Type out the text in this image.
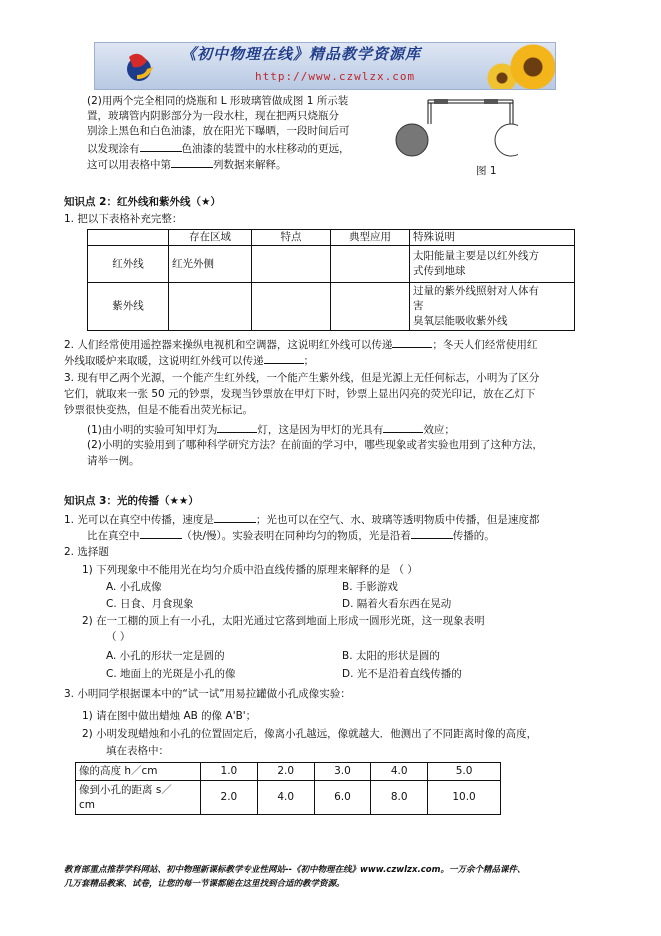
《初中物理在线》精品教学资源库
http://www.czwlzx.com
(2)用两个完全相同的烧瓶和 L 形玻璃管做成图 1 所示装
置，玻璃管内阴影部分为一段水柱，现在把两只烧瓶分
别涂上黑色和白色油漆，放在阳光下曝晒，一段时间后可
以发现涂有	色油漆的装置中的水柱移动的更远，
这可以用表格中第	列数据来解释。	图 1
知识点 2：红外线和紫外线（★）
1. 把以下表格补充完整：
	存在区域	特点	典型应用	特殊说明
红外线	红光外侧			太阳能量主要是以红外线方
式传到地球

紫外线				过量的紫外线照射对人体有
害
臭氧层能吸收紫外线
2. 人们经常使用遥控器来操纵电视机和空调器，这说明红外线可以传递	；冬天人们经常使用红
外线取暖炉来取暖，这说明红外线可以传递	；
3. 现有甲乙两个光源，一个能产生红外线，一个能产生紫外线，但是光源上无任何标志，小明为了区分
它们，就取来一张 50 元的钞票，发现当钞票放在甲灯下时，钞票上显出闪亮的荧光印记，放在乙灯下
钞票很快变热，但是不能看出荧光标记。
(1)由小明的实验可知甲灯为	灯，这是因为甲灯的光具有	效应；
(2)小明的实验用到了哪种科学研究方法？在前面的学习中，哪些现象或者实验也用到了这种方法，
请举一例。
知识点 3：光的传播（★★）
1. 光可以在真空中传播，速度是	；光也可以在空气、水、玻璃等透明物质中传播，但是速度都
比在真空中	（快/慢）。实验表明在同种均匀的物质，光是沿着	传播的。
2. 选择题
1) 下列现象中不能用光在均匀介质中沿直线传播的原理来解释的是 （ ）
A. 小孔成像	B. 手影游戏
C. 日食、月食现象	D. 隔着火看东西在晃动
2) 在一工棚的顶上有一小孔，太阳光通过它落到地面上形成一圆形光斑，这一现象表明
（ ）
A. 小孔的形状一定是圆的	B. 太阳的形状是圆的
C. 地面上的光斑是小孔的像	D. 光不是沿着直线传播的
3. 小明同学根据课本中的“试一试”用易拉罐做小孔成像实验：
1) 请在图中做出蜡烛 AB 的像 A'B'；
2) 小明发现蜡烛和小孔的位置固定后，像离小孔越远，像就越大．他测出了不同距离时像的高度，
填在表格中：
像的高度 h／cm	1.0	2.0	3.0	4.0	5.0

像到小孔的距离 s／
cm	2.0	4.0	6.0	8.0	10.0
教育部重点推荐学科网站、初中物理新课标教学专业性网站--《初中物理在线》www.czwlzx.com。一万余个精品课件、
几万套精品教案、试卷，让您的每一节课都能在这里找到合适的教学资源。
